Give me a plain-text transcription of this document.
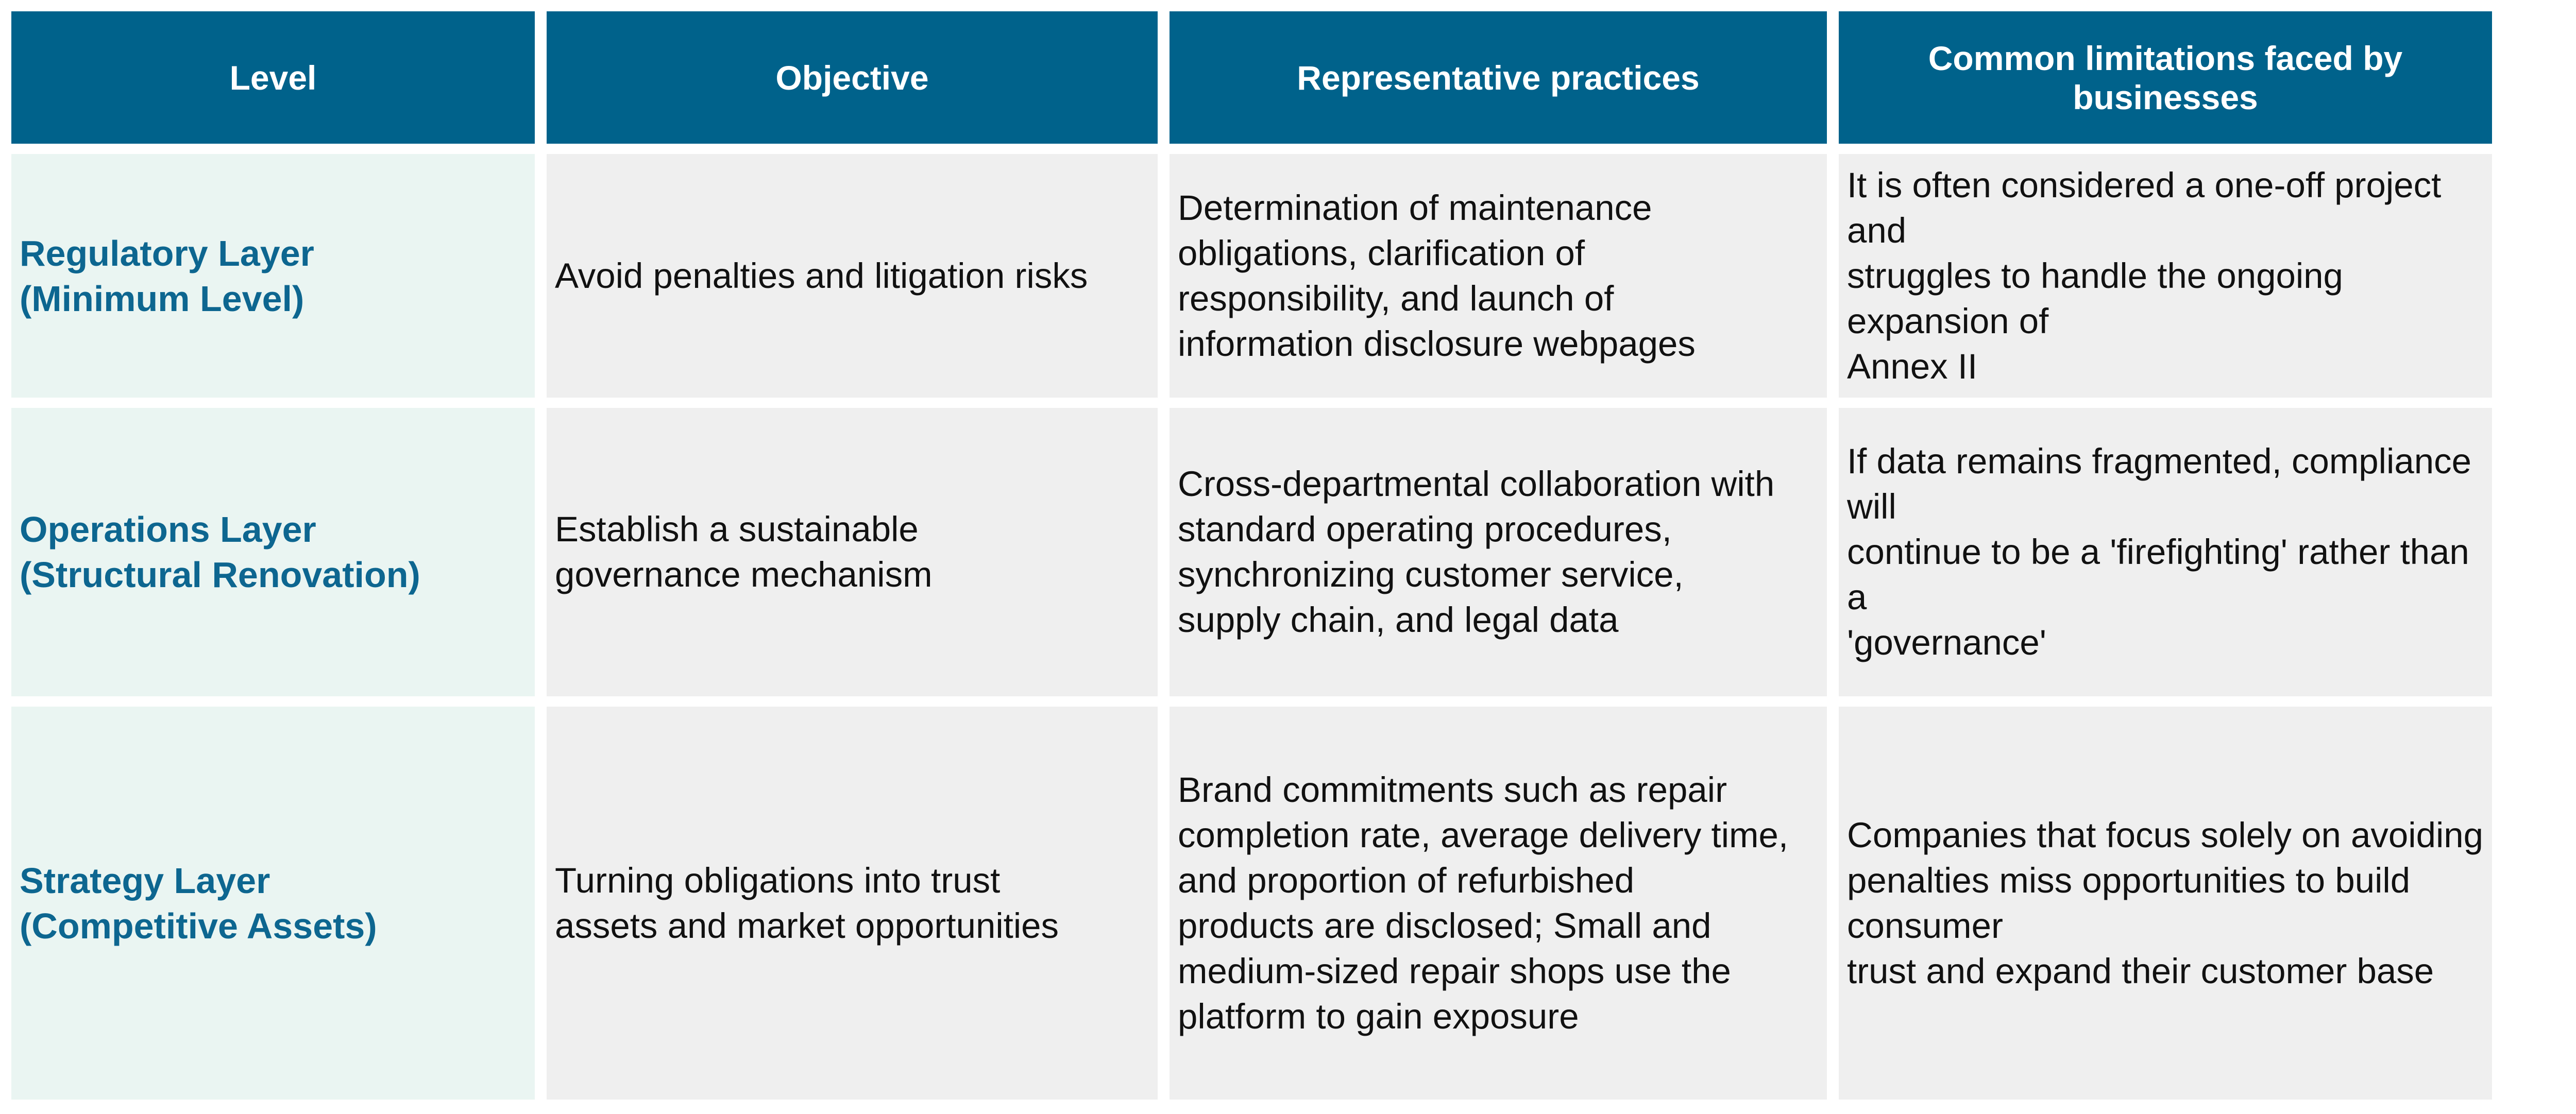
Level	Objective	Representative practices
Common limitations faced by businesses
Regulatory Layer
(Minimum Level)
Avoid penalties and litigation risks
Determination of maintenance
obligations, clarification of
responsibility, and launch of
information disclosure webpages
It is often considered a one-off project and
struggles to handle the ongoing expansion of
Annex II
Operations Layer
(Structural Renovation)
Establish a sustainable
governance mechanism
Cross-departmental collaboration with
standard operating procedures,
synchronizing customer service,
supply chain, and legal data
If data remains fragmented, compliance will
continue to be a 'firefighting' rather than a
'governance'
Strategy Layer
(Competitive Assets)
Turning obligations into trust
assets and market opportunities
Brand commitments such as repair
completion rate, average delivery time,
and proportion of refurbished
products are disclosed; Small and
medium-sized repair shops use the
platform to gain exposure
Companies that focus solely on avoiding
penalties miss opportunities to build consumer
trust and expand their customer base
